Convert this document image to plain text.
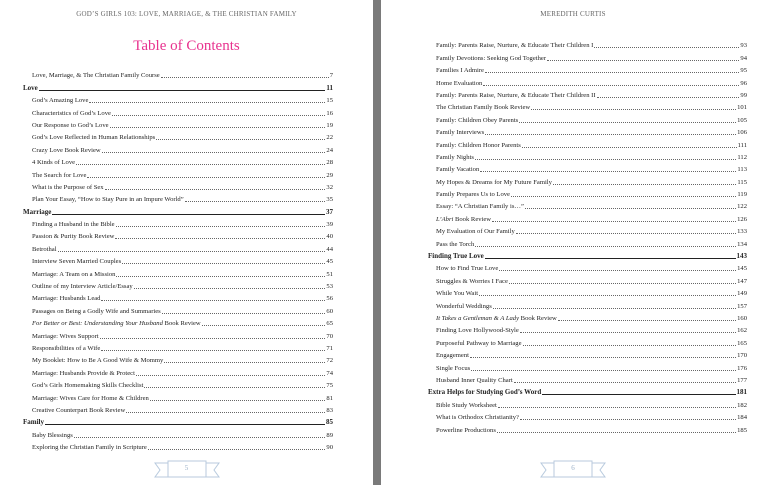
GOD’S GIRLS 103: LOVE, MARRIAGE, & THE CHRISTIAN FAMILY
Table of Contents
Love, Marriage, & The Christian Family Course	7
Love	11
God’s Amazing Love	15
Characteristics of God’s Love	16
Our Response to God’s Love	19
God’s Love Reflected in Human Relationships	22
Crazy Love Book Review	24
4 Kinds of Love	28
The Search for Love	29
What is the Purpose of Sex	32
Plan Your Essay, “How to Stay Pure in an Impure World”	35
Marriage	37
Finding a Husband in the Bible	39
Passion & Purity Book Review	40
Betrothal	44
Interview Seven Married Couples	45
Marriage: A Team on a Mission	51
Outline of my Interview Article/Essay	53
Marriage: Husbands Lead	56
Passages on Being a Godly Wife and Summaries	60
For Better or Best: Understanding Your Husband Book Review	65
Marriage: Wives Support	70
Responsibilities of a Wife	71
My Booklet: How to Be A Good Wife & Mommy	72
Marriage: Husbands Provide & Protect	74
God’s Girls Homemaking Skills Checklist	75
Marriage: Wives Care for Home & Children	81
Creative Counterpart Book Review	83
Family	85
Baby Blessings	89
Exploring the Christian Family in Scripture	90
5
MEREDITH CURTIS
Family: Parents Raise, Nurture, & Educate Their Children I	93
Family Devotions: Seeking God Together	94
Families I Admire	95
Home Evaluation	96
Family: Parents Raise, Nurture, & Educate Their Children II	99
The Christian Family Book Review	101
Family: Children Obey Parents	105
Family Interviews	106
Family: Children Honor Parents	111
Family Nights	112
Family Vacation	113
My Hopes & Dreams for My Future Family	115
Family Prepares Us to Love	119
Essay: “A Christian Family is…”	122
L’Abri Book Review	126
My Evaluation of Our Family	133
Pass the Torch	134
Finding True Love	143
How to Find True Love	145
Struggles & Worries I Face	147
While You Wait	149
Wonderful Weddings	157
It Takes a Gentleman & A Lady Book Review	160
Finding Love Hollywood-Style	162
Purposeful Pathway to Marriage	165
Engagement	170
Single Focus	176
Husband Inner Quality Chart	177
Extra Helps for Studying God’s Word	181
Bible Study Worksheet	182
What is Orthodox Christianity?	184
Powerline Productions	185
6
